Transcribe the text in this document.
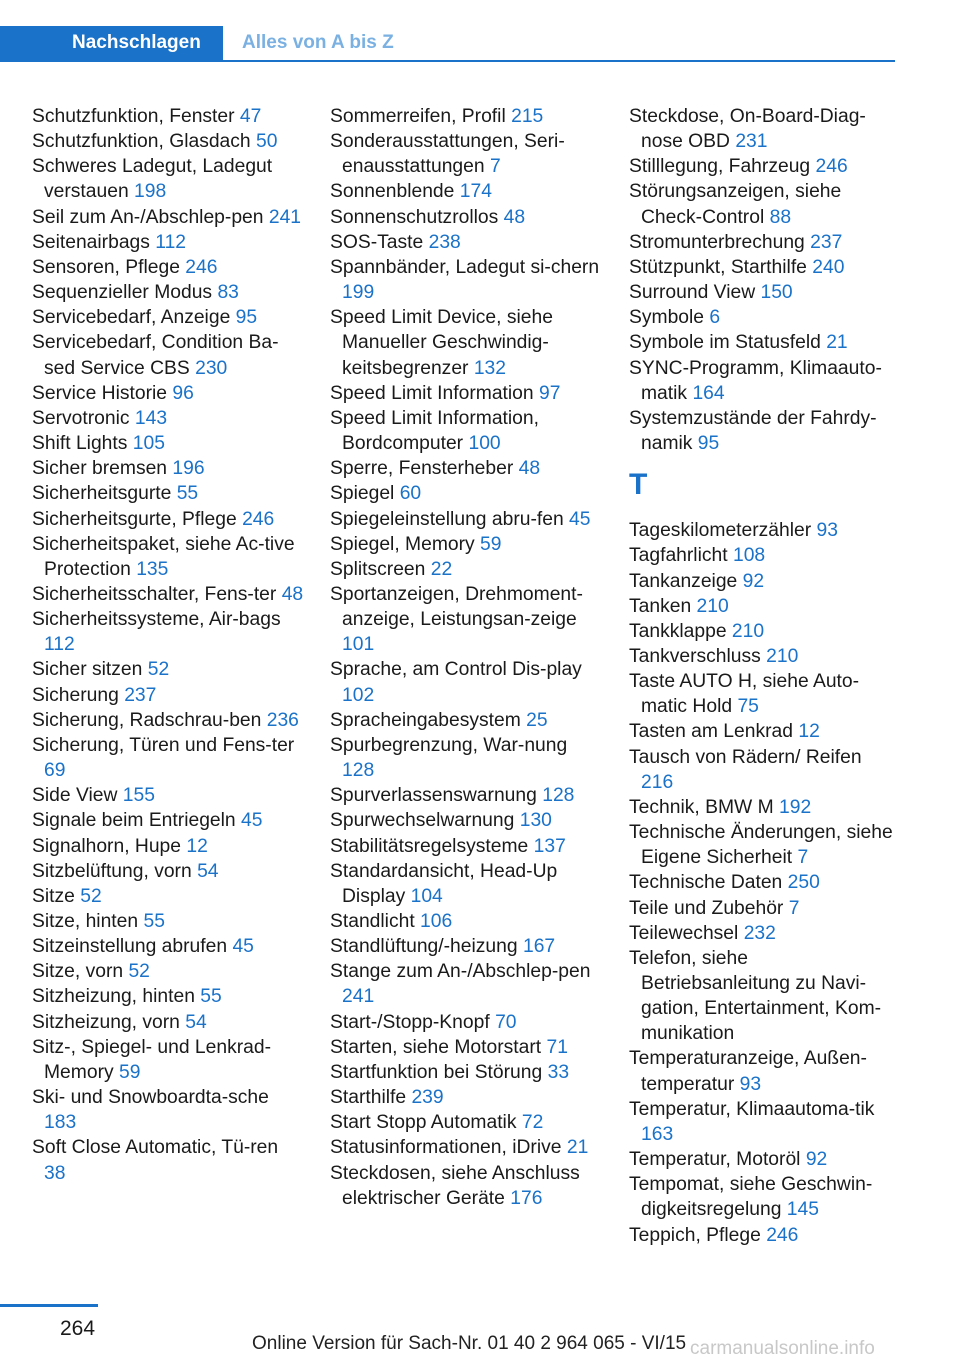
Nachschlagen Alles von A bis Z
Schutzfunktion, Fenster 47
Schutzfunktion, Glasdach 50
Schweres Ladegut, Ladegut verstauen 198
Seil zum An-/Abschlep-pen 241
Seitenairbags 112
Sensoren, Pflege 246
Sequenzieller Modus 83
Servicebedarf, Anzeige 95
Servicebedarf, Condition Ba-sed Service CBS 230
Service Historie 96
Servotronic 143
Shift Lights 105
Sicher bremsen 196
Sicherheitsgurte 55
Sicherheitsgurte, Pflege 246
Sicherheitspaket, siehe Ac-tive Protection 135
Sicherheitsschalter, Fens-ter 48
Sicherheitssysteme, Air-bags 112
Sicher sitzen 52
Sicherung 237
Sicherung, Radschrau-ben 236
Sicherung, Türen und Fens-ter 69
Side View 155
Signale beim Entriegeln 45
Signalhorn, Hupe 12
Sitzbelüftung, vorn 54
Sitze 52
Sitze, hinten 55
Sitzeinstellung abrufen 45
Sitze, vorn 52
Sitzheizung, hinten 55
Sitzheizung, vorn 54
Sitz-, Spiegel- und Lenkrad-Memory 59
Ski- und Snowboardta-sche 183
Soft Close Automatic, Tü-ren 38
Sommerreifen, Profil 215
Sonderausstattungen, Seri-enausstattungen 7
Sonnenblende 174
Sonnenschutzrollos 48
SOS-Taste 238
Spannbänder, Ladegut si-chern 199
Speed Limit Device, siehe Manueller Geschwindig-keitsbegrenzer 132
Speed Limit Information 97
Speed Limit Information, Bordcomputer 100
Sperre, Fensterheber 48
Spiegel 60
Spiegeleinstellung abru-fen 45
Spiegel, Memory 59
Splitscreen 22
Sportanzeigen, Drehmoment-anzeige, Leistungsan-zeige 101
Sprache, am Control Dis-play 102
Spracheingabesystem 25
Spurbegrenzung, War-nung 128
Spurverlassenswarnung 128
Spurwechselwarnung 130
Stabilitätsregelsysteme 137
Standardansicht, Head-Up Display 104
Standlicht 106
Standlüftung/-heizung 167
Stange zum An-/Abschlep-pen 241
Start-/Stopp-Knopf 70
Starten, siehe Motorstart 71
Startfunktion bei Störung 33
Starthilfe 239
Start Stopp Automatik 72
Statusinformationen, iDrive 21
Steckdosen, siehe Anschluss elektrischer Geräte 176
Steckdose, On-Board-Diag-nose OBD 231
Stilllegung, Fahrzeug 246
Störungsanzeigen, siehe Check-Control 88
Stromunterbrechung 237
Stützpunkt, Starthilfe 240
Surround View 150
Symbole 6
Symbole im Statusfeld 21
SYNC-Programm, Klimaauto-matik 164
Systemzustände der Fahrdy-namik 95
T
Tageskilometerzähler 93
Tagfahrlicht 108
Tankanzeige 92
Tanken 210
Tankklappe 210
Tankverschluss 210
Taste AUTO H, siehe Auto-matic Hold 75
Tasten am Lenkrad 12
Tausch von Rädern/ Reifen 216
Technik, BMW M 192
Technische Änderungen, siehe Eigene Sicherheit 7
Technische Daten 250
Teile und Zubehör 7
Teilewechsel 232
Telefon, siehe Betriebsanleitung zu Navi-gation, Entertainment, Kom-munikation
Temperaturanzeige, Außen-temperatur 93
Temperatur, Klimaautoma-tik 163
Temperatur, Motoröl 92
Tempomat, siehe Geschwin-digkeitsregelung 145
Teppich, Pflege 246
264
Online Version für Sach-Nr. 01 40 2 964 065 - VI/15 carmanualsonline.info
